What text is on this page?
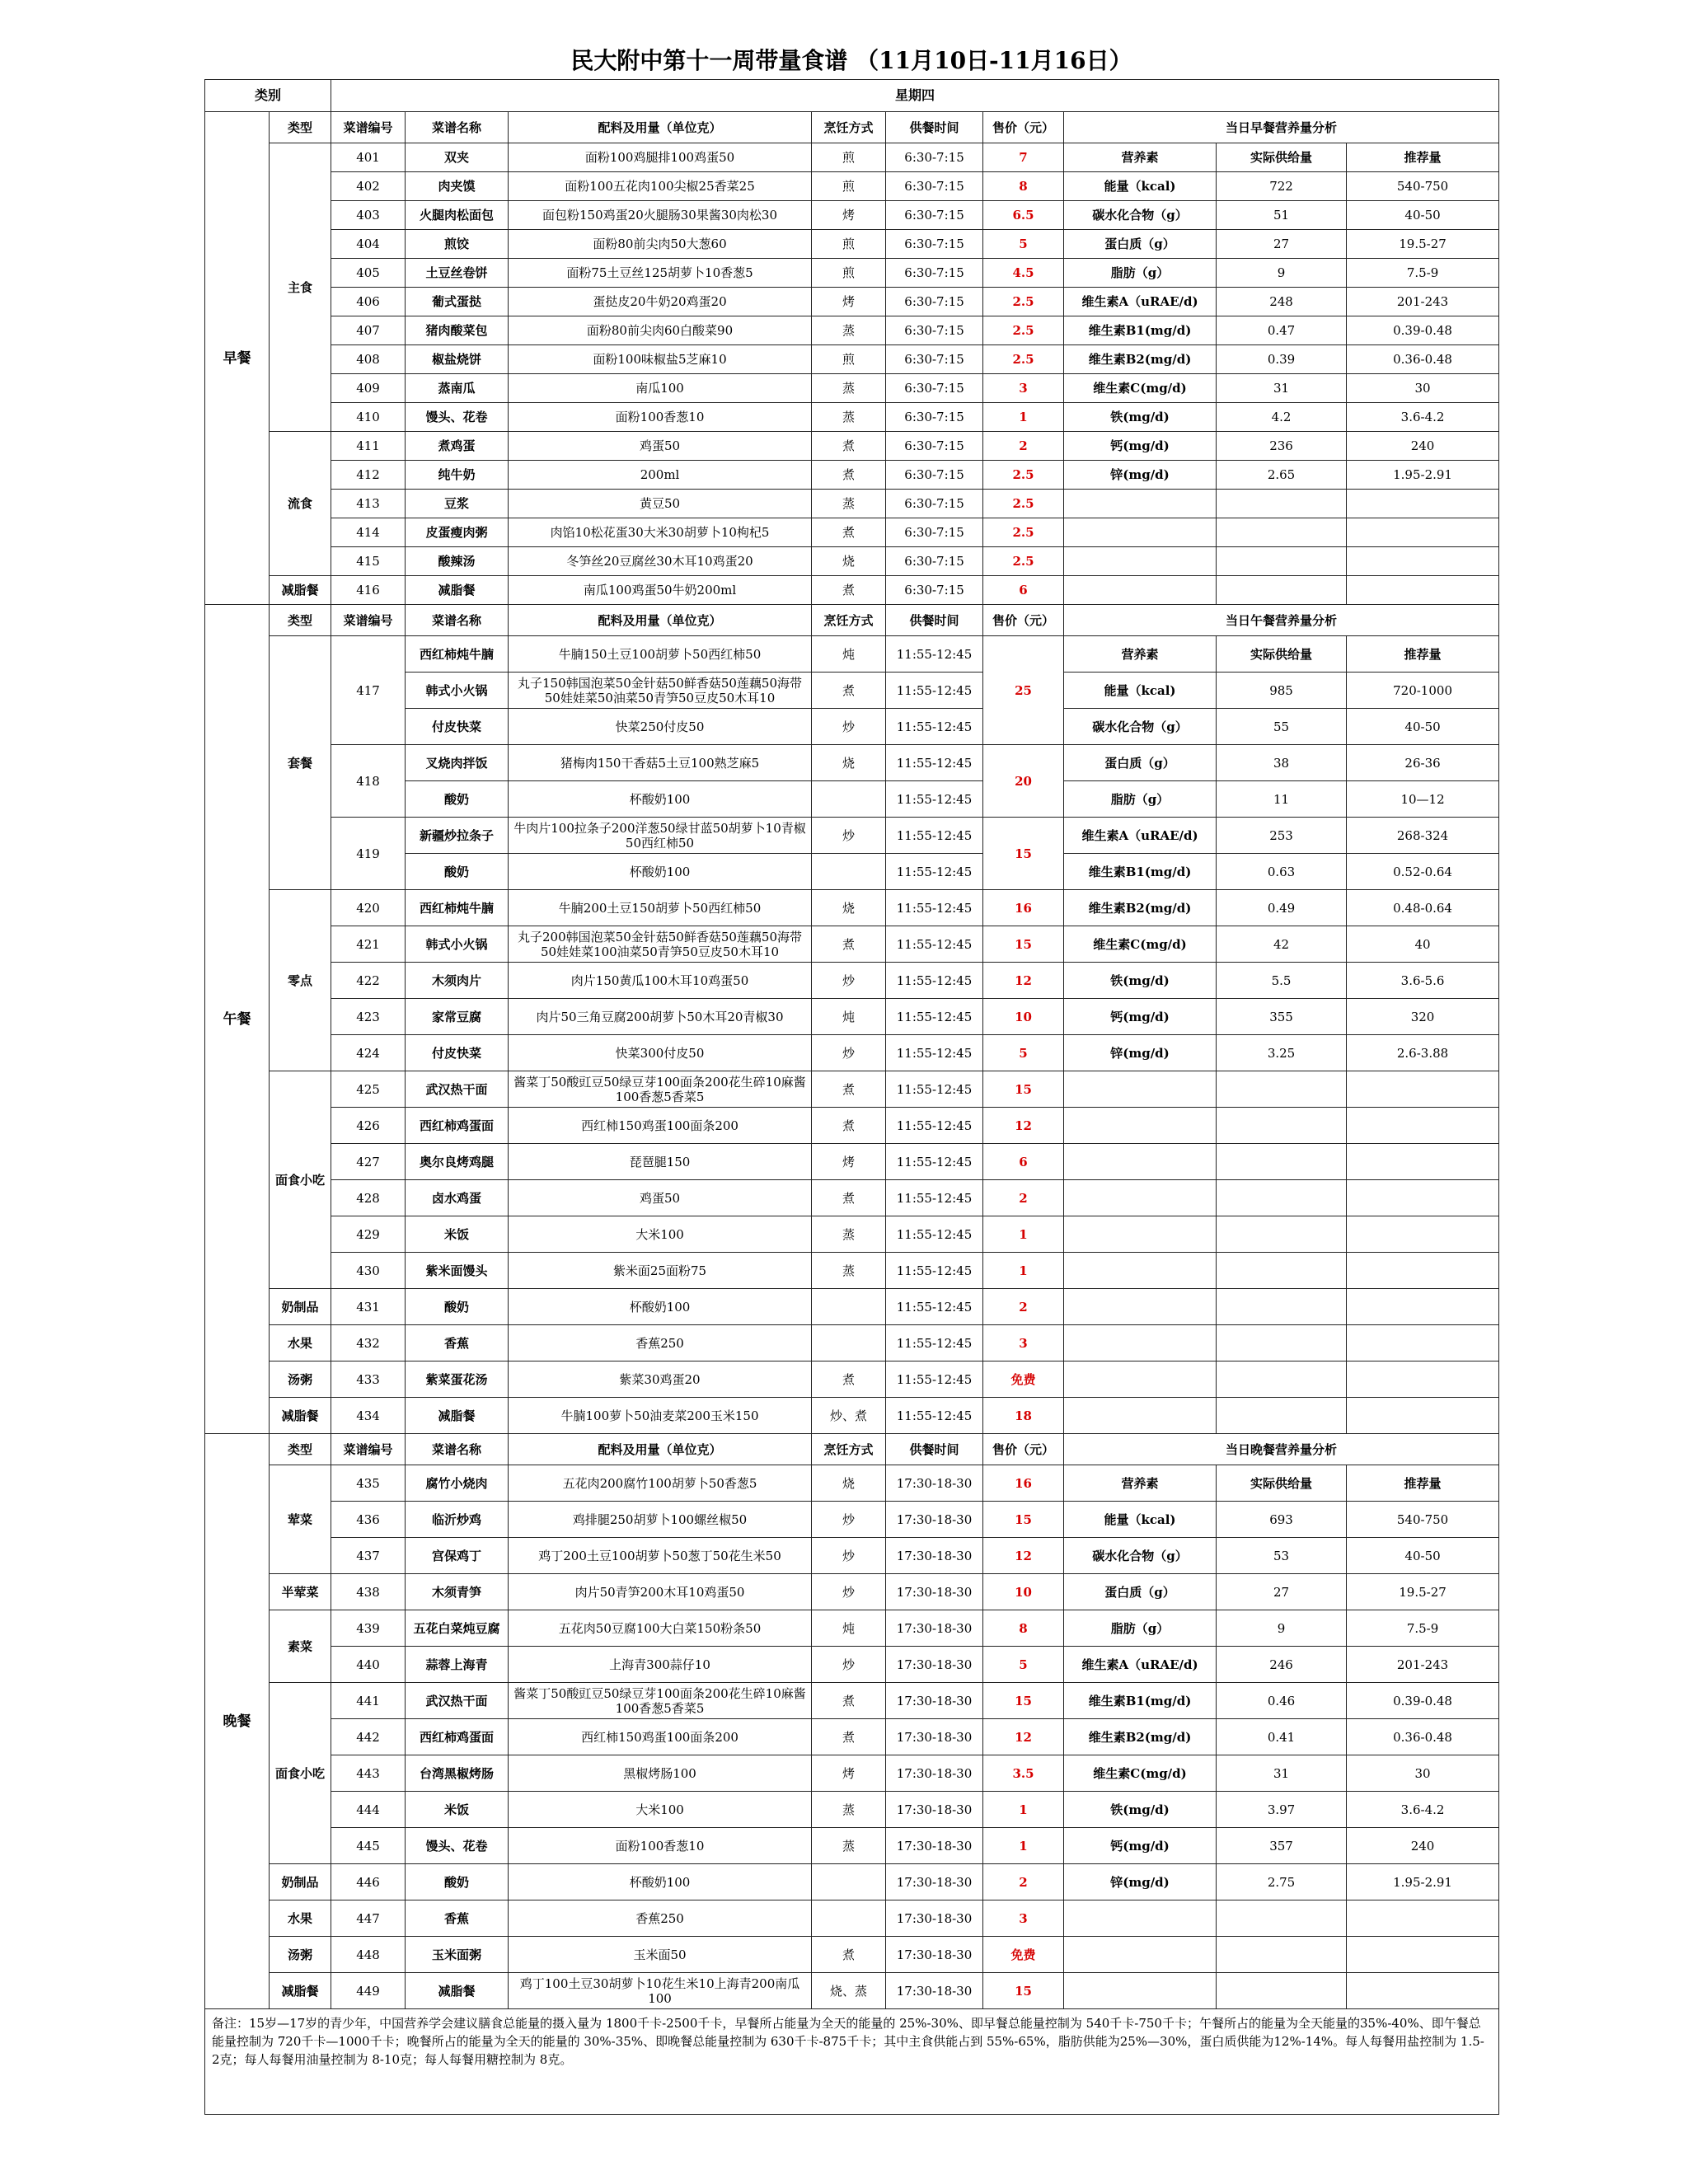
民大附中第十一周带量食谱 （11月10日-11月16日）
类别		星期四								
早餐	类型	菜谱编号	菜谱名称	配料及用量（单位克）	烹饪方式	供餐时间	售价（元）	当日早餐营养量分析		
	主食	401	双夹	面粉100鸡腿排100鸡蛋50	煎	6:30-7:15	7	营养素	实际供给量	推荐量
		402	肉夹馍	面粉100五花肉100尖椒25香菜25	煎	6:30-7:15	8	能量（kcal)	722	540-750
		403	火腿肉松面包	面包粉150鸡蛋20火腿肠30果酱30肉松30	烤	6:30-7:15	6.5	碳水化合物（g）	51	40-50
		404	煎饺	面粉80前尖肉50大葱60	煎	6:30-7:15	5	蛋白质（g）	27	19.5-27
		405	土豆丝卷饼	面粉75土豆丝125胡萝卜10香葱5	煎	6:30-7:15	4.5	脂肪（g）	9	7.5-9
		406	葡式蛋挞	蛋挞皮20牛奶20鸡蛋20	烤	6:30-7:15	2.5	维生素A（uRAE/d)	248	201-243
		407	猪肉酸菜包	面粉80前尖肉60白酸菜90	蒸	6:30-7:15	2.5	维生素B1(mg/d)	0.47	0.39-0.48
		408	椒盐烧饼	面粉100味椒盐5芝麻10	煎	6:30-7:15	2.5	维生素B2(mg/d)	0.39	0.36-0.48
		409	蒸南瓜	南瓜100	蒸	6:30-7:15	3	维生素C(mg/d)	31	30
		410	馒头、花卷	面粉100香葱10	蒸	6:30-7:15	1	铁(mg/d)	4.2	3.6-4.2
	流食	411	煮鸡蛋	鸡蛋50	煮	6:30-7:15	2	钙(mg/d)	236	240
		412	纯牛奶	200ml	煮	6:30-7:15	2.5	锌(mg/d)	2.65	1.95-2.91
		413	豆浆	黄豆50	蒸	6:30-7:15	2.5			
		414	皮蛋瘦肉粥	肉馅10松花蛋30大米30胡萝卜10枸杞5	煮	6:30-7:15	2.5			
		415	酸辣汤	冬笋丝20豆腐丝30木耳10鸡蛋20	烧	6:30-7:15	2.5			
	减脂餐	416	减脂餐	南瓜100鸡蛋50牛奶200ml	煮	6:30-7:15	6			
午餐	类型	菜谱编号	菜谱名称	配料及用量（单位克）	烹饪方式	供餐时间	售价（元）	当日午餐营养量分析		
	套餐	417	西红柿炖牛腩	牛腩150土豆100胡萝卜50西红柿50	炖	11:55-12:45	25	营养素	实际供给量	推荐量
			韩式小火锅	丸子150韩国泡菜50金针菇50鲜香菇50莲藕50海带50娃娃菜50油菜50青笋50豆皮50木耳10	煮	11:55-12:45		能量（kcal)	985	720-1000
			付皮快菜	快菜250付皮50	炒	11:55-12:45		碳水化合物（g）	55	40-50
		418	叉烧肉拌饭	猪梅肉150干香菇5土豆100熟芝麻5	烧	11:55-12:45	20	蛋白质（g）	38	26-36
			酸奶	杯酸奶100		11:55-12:45		脂肪（g）	11	10—12
		419	新疆炒拉条子	牛肉片100拉条子200洋葱50绿甘蓝50胡萝卜10青椒50西红柿50	炒	11:55-12:45	15	维生素A（uRAE/d)	253	268-324
			酸奶	杯酸奶100		11:55-12:45		维生素B1(mg/d)	0.63	0.52-0.64
	零点	420	西红柿炖牛腩	牛腩200土豆150胡萝卜50西红柿50	烧	11:55-12:45	16	维生素B2(mg/d)	0.49	0.48-0.64
		421	韩式小火锅	丸子200韩国泡菜50金针菇50鲜香菇50莲藕50海带50娃娃菜100油菜50青笋50豆皮50木耳10	煮	11:55-12:45	15	维生素C(mg/d)	42	40
		422	木须肉片	肉片150黄瓜100木耳10鸡蛋50	炒	11:55-12:45	12	铁(mg/d)	5.5	3.6-5.6
		423	家常豆腐	肉片50三角豆腐200胡萝卜50木耳20青椒30	炖	11:55-12:45	10	钙(mg/d)	355	320
		424	付皮快菜	快菜300付皮50	炒	11:55-12:45	5	锌(mg/d)	3.25	2.6-3.88
	面食小吃	425	武汉热干面	酱菜丁50酸豇豆50绿豆芽100面条200花生碎10麻酱100香葱5香菜5	煮	11:55-12:45	15			
		426	西红柿鸡蛋面	西红柿150鸡蛋100面条200	煮	11:55-12:45	12			
		427	奥尔良烤鸡腿	琵琶腿150	烤	11:55-12:45	6			
		428	卤水鸡蛋	鸡蛋50	煮	11:55-12:45	2			
		429	米饭	大米100	蒸	11:55-12:45	1			
		430	紫米面馒头	紫米面25面粉75	蒸	11:55-12:45	1			
	奶制品	431	酸奶	杯酸奶100		11:55-12:45	2			
	水果	432	香蕉	香蕉250		11:55-12:45	3			
	汤粥	433	紫菜蛋花汤	紫菜30鸡蛋20	煮	11:55-12:45	免费			
	减脂餐	434	减脂餐	牛腩100萝卜50油麦菜200玉米150	炒、煮	11:55-12:45	18			
晚餐	类型	菜谱编号	菜谱名称	配料及用量（单位克）	烹饪方式	供餐时间	售价（元）	当日晚餐营养量分析		
	荤菜	435	腐竹小烧肉	五花肉200腐竹100胡萝卜50香葱5	烧	17:30-18-30	16	营养素	实际供给量	推荐量
		436	临沂炒鸡	鸡排腿250胡萝卜100螺丝椒50	炒	17:30-18-30	15	能量（kcal)	693	540-750
		437	宫保鸡丁	鸡丁200土豆100胡萝卜50葱丁50花生米50	炒	17:30-18-30	12	碳水化合物（g）	53	40-50
	半荤菜	438	木须青笋	肉片50青笋200木耳10鸡蛋50	炒	17:30-18-30	10	蛋白质（g）	27	19.5-27
	素菜	439	五花白菜炖豆腐	五花肉50豆腐100大白菜150粉条50	炖	17:30-18-30	8	脂肪（g）	9	7.5-9
		440	蒜蓉上海青	上海青300蒜仔10	炒	17:30-18-30	5	维生素A（uRAE/d)	246	201-243
	面食小吃	441	武汉热干面	酱菜丁50酸豇豆50绿豆芽100面条200花生碎10麻酱100香葱5香菜5	煮	17:30-18-30	15	维生素B1(mg/d)	0.46	0.39-0.48
		442	西红柿鸡蛋面	西红柿150鸡蛋100面条200	煮	17:30-18-30	12	维生素B2(mg/d)	0.41	0.36-0.48
		443	台湾黑椒烤肠	黑椒烤肠100	烤	17:30-18-30	3.5	维生素C(mg/d)	31	30
		444	米饭	大米100	蒸	17:30-18-30	1	铁(mg/d)	3.97	3.6-4.2
		445	馒头、花卷	面粉100香葱10	蒸	17:30-18-30	1	钙(mg/d)	357	240
	奶制品	446	酸奶	杯酸奶100		17:30-18-30	2	锌(mg/d)	2.75	1.95-2.91
	水果	447	香蕉	香蕉250		17:30-18-30	3			
	汤粥	448	玉米面粥	玉米面50	煮	17:30-18-30	免费			
	减脂餐	449	减脂餐	鸡丁100土豆30胡萝卜10花生米10上海青200南瓜100	烧、蒸	17:30-18-30	15			
备注：15岁—17岁的青少年，中国营养学会建议膳食总能量的摄入量为 1800千卡-2500千卡，早餐所占能量为全天的能量的 25%-30%、即早餐总能量控制为 540千卡-750千卡；午餐所占的能量为全天能量的35%-40%、即午餐总能量控制为 720千卡—1000千卡；晚餐所占的能量为全天的能量的 30%-35%、即晚餐总能量控制为 630千卡-875千卡；其中主食供能占到 55%-65%，脂肪供能为25%—30%，蛋白质供能为12%-14%。每人每餐用盐控制为 1.5-2克；每人每餐用油量控制为 8-10克；每人每餐用糖控制为 8克。										
